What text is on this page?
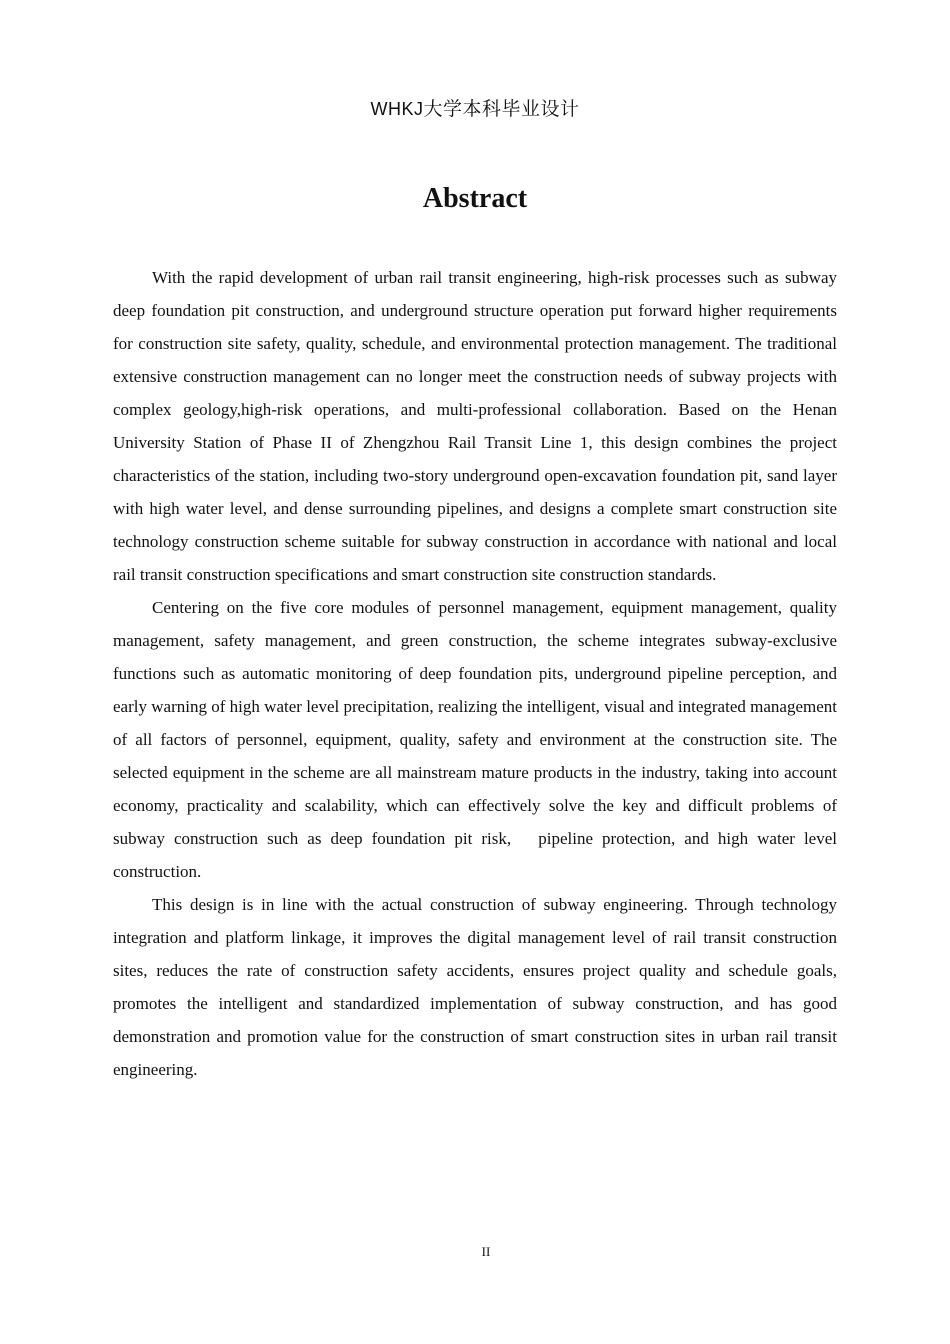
WHKJ大学本科毕业设计
Abstract

With the rapid development of urban rail transit engineering, high-risk processes such as subway deep foundation pit construction, and underground structure operation put forward higher requirements for construction site safety, quality, schedule, and environmental protection management. The traditional extensive construction management can no longer meet the construction needs of subway projects with complex geology,high-risk operations, and multi-professional collaboration. Based on the Henan University Station of Phase II of Zhengzhou Rail Transit Line 1, this design combines the project characteristics of the station, including two-story underground open-excavation foundation pit, sand layer with high water level, and dense surrounding pipelines, and designs a complete smart construction site technology construction scheme suitable for subway construction in accordance with national and local rail transit construction specifications and smart construction site construction standards.

Centering on the five core modules of personnel management, equipment management, quality management, safety management, and green construction, the scheme integrates subway-exclusive functions such as automatic monitoring of deep foundation pits, underground pipeline perception, and early warning of high water level precipitation, realizing the intelligent, visual and integrated management of all factors of personnel, equipment, quality, safety and environment at the construction site. The selected equipment in the scheme are all mainstream mature products in the industry, taking into account economy, practicality and scalability, which can effectively solve the key and difficult problems of subway construction such as deep foundation pit risk,   pipeline protection, and high water level construction.

This design is in line with the actual construction of subway engineering. Through technology integration and platform linkage, it improves the digital management level of rail transit construction sites, reduces the rate of construction safety accidents, ensures project quality and schedule goals, promotes the intelligent and standardized implementation of subway construction, and has good demonstration and promotion value for the construction of smart construction sites in urban rail transit engineering.

II
